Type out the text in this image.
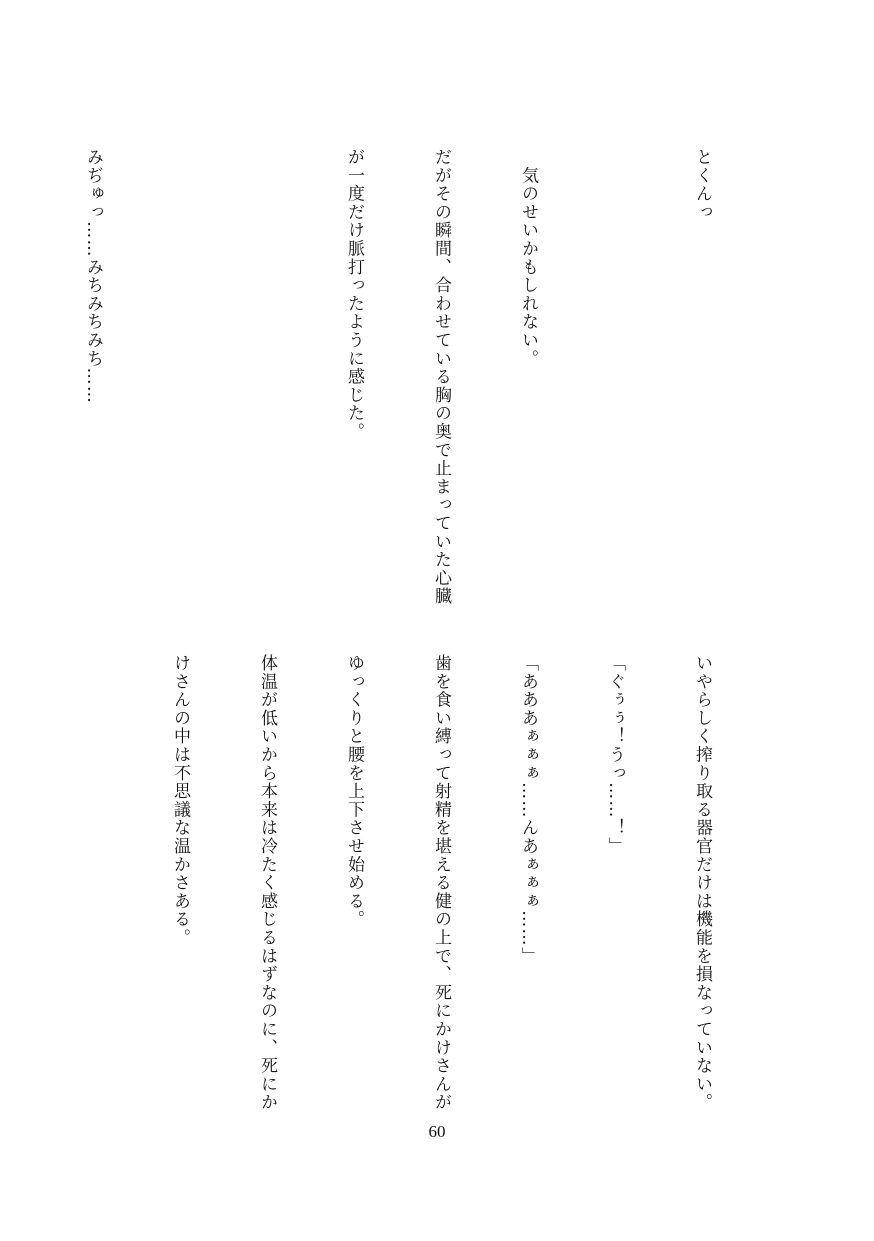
とくんっ

　気のせいかもしれない。

だがその瞬間、合わせている胸の奥で止まっていた心臓

が一度だけ脈打ったように感じた。

みぢゅっ……みちみちみち……

いやらしく搾り取る器官だけは機能を損なっていない。

「ぐぅぅ！うっ……！」

「あああぁぁぁ……んあぁぁぁ……」

歯を食い縛って射精を堪える健の上で、死にかけさんが

ゆっくりと腰を上下させ始める。

体温が低いから本来は冷たく感じるはずなのに、死にか

けさんの中は不思議な温かさある。

60
